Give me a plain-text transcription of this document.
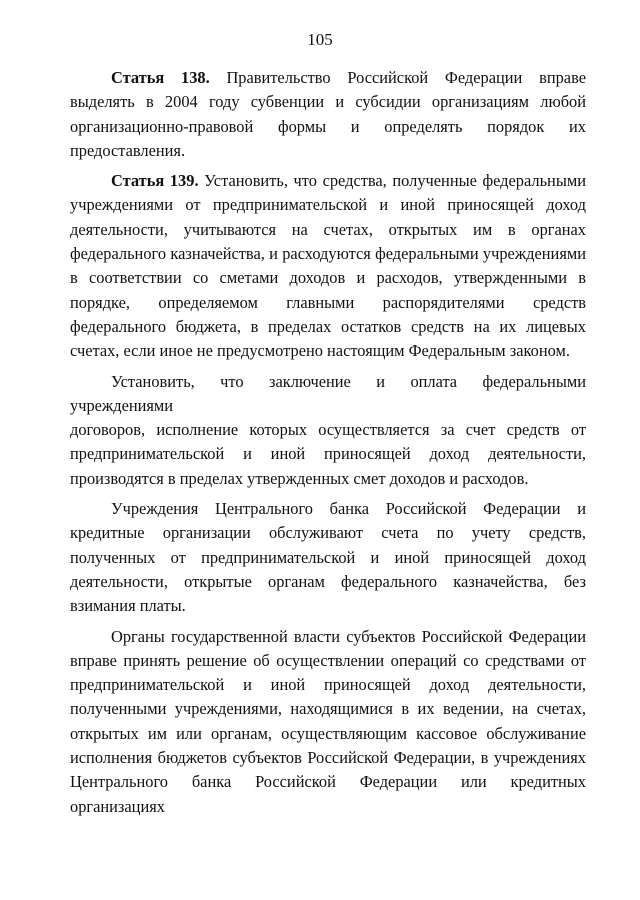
105
Статья 138. Правительство Российской Федерации вправе
выделять в 2004 году субвенции и субсидии организациям любой
организационно-правовой формы и определять порядок их
предоставления.
Статья 139. Установить, что средства, полученные федеральными
учреждениями от предпринимательской и иной приносящей доход
деятельности, учитываются на счетах, открытых им в органах
федерального казначейства, и расходуются федеральными учреждениями
в соответствии со сметами доходов и расходов, утвержденными в
порядке, определяемом главными распорядителями средств
федерального бюджета, в пределах остатков средств на их лицевых
счетах, если иное не предусмотрено настоящим Федеральным законом.
Установить, что заключение и оплата федеральными учреждениями
договоров, исполнение которых осуществляется за счет средств от
предпринимательской и иной приносящей доход деятельности,
производятся в пределах утвержденных смет доходов и расходов.
Учреждения Центрального банка Российской Федерации и
кредитные организации обслуживают счета по учету средств,
полученных от предпринимательской и иной приносящей доход
деятельности, открытые органам федерального казначейства, без
взимания платы.
Органы государственной власти субъектов Российской Федерации
вправе принять решение об осуществлении операций со средствами от
предпринимательской и иной приносящей доход деятельности,
полученными учреждениями, находящимися в их ведении, на счетах,
открытых им или органам, осуществляющим кассовое обслуживание
исполнения бюджетов субъектов Российской Федерации, в учреждениях
Центрального банка Российской Федерации или кредитных организациях
